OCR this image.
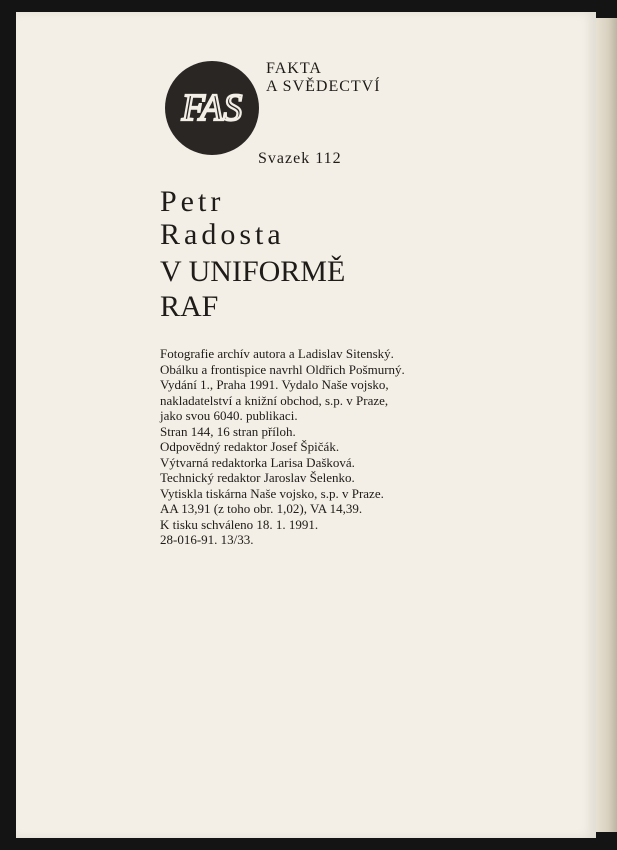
FAS
FAKTA
A SVĚDECTVÍ
Svazek 112
Petr
Radosta
V UNIFORMĚ
RAF
Fotografie archív autora a Ladislav Sitenský.
Obálku a frontispice navrhl Oldřich Pošmurný.
Vydání 1., Praha 1991. Vydalo Naše vojsko,
nakladatelství a knižní obchod, s.p. v Praze,
jako svou 6040. publikaci.
Stran 144, 16 stran příloh.
Odpovědný redaktor Josef Špičák.
Výtvarná redaktorka Larisa Dašková.
Technický redaktor Jaroslav Šelenko.
Vytiskla tiskárna Naše vojsko, s.p. v Praze.
AA 13,91 (z toho obr. 1,02), VA 14,39.
K tisku schváleno 18. 1. 1991.
28-016-91. 13/33.
